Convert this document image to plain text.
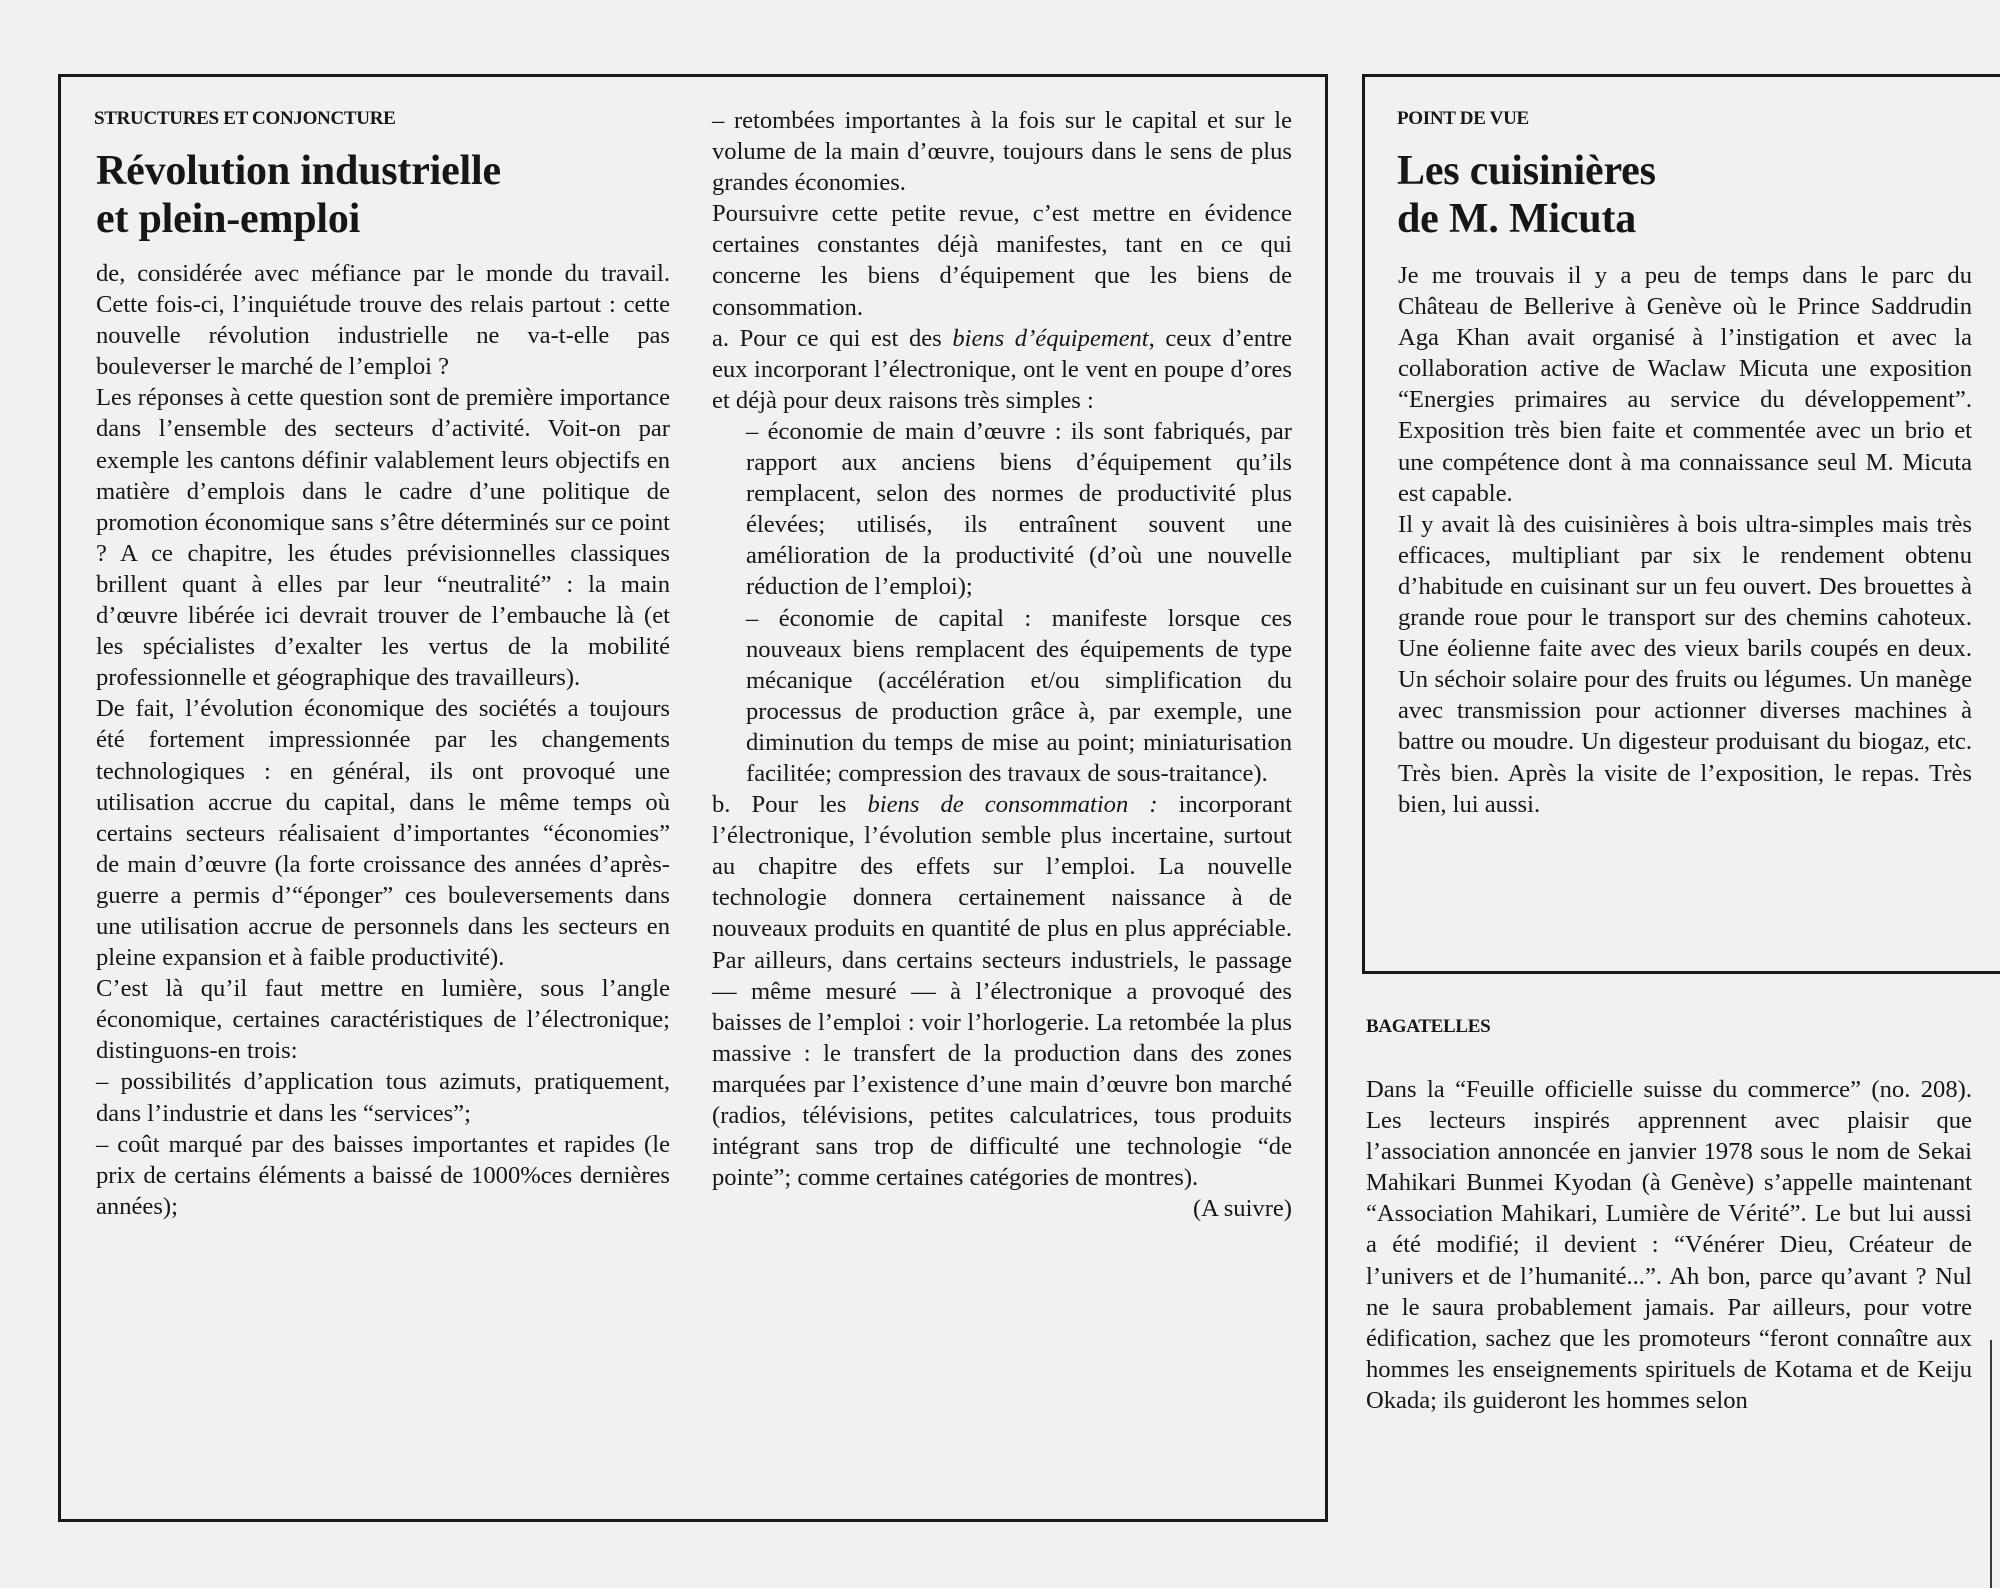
STRUCTURES ET CONJONCTURE
Révolution industrielle
et plein-emploi

de, considérée avec méfiance par le monde du travail. Cette fois-ci, l’inquiétude trouve des relais partout : cette nouvelle révolution industrielle ne va-t-elle pas bouleverser le marché de l’emploi ?

Les réponses à cette question sont de première importance dans l’ensemble des secteurs d’activité. Voit-on par exemple les cantons définir valablement leurs objectifs en matière d’emplois dans le cadre d’une politique de promotion économique sans s’être déterminés sur ce point ? A ce chapitre, les études prévisionnelles classiques brillent quant à elles par leur “neutralité” : la main d’œuvre libérée ici devrait trouver de l’embauche là (et les spécialistes d’exalter les vertus de la mobilité professionnelle et géographique des travailleurs).

De fait, l’évolution économique des sociétés a toujours été fortement impressionnée par les changements technologiques : en général, ils ont provoqué une utilisation accrue du capital, dans le même temps où certains secteurs réalisaient d’importantes “économies” de main d’œuvre (la forte croissance des années d’après-guerre a permis d’“éponger” ces bouleversements dans une utilisation accrue de personnels dans les secteurs en pleine expansion et à faible productivité).

C’est là qu’il faut mettre en lumière, sous l’angle économique, certaines caractéristiques de l’électronique; distinguons-en trois:

– possibilités d’application tous azimuts, pratiquement, dans l’industrie et dans les “services”;

– coût marqué par des baisses importantes et rapides (le prix de certains éléments a baissé de 1000%ces dernières années);

– retombées importantes à la fois sur le capital et sur le volume de la main d’œuvre, toujours dans le sens de plus grandes économies.

Poursuivre cette petite revue, c’est mettre en évidence certaines constantes déjà manifestes, tant en ce qui concerne les biens d’équipement que les biens de consommation.

a. Pour ce qui est des biens d’équipement, ceux d’entre eux incorporant l’électronique, ont le vent en poupe d’ores et déjà pour deux raisons très simples :

– économie de main d’œuvre : ils sont fabriqués, par rapport aux anciens biens d’équipement qu’ils remplacent, selon des normes de productivité plus élevées; utilisés, ils entraînent souvent une amélioration de la productivité (d’où une nouvelle réduction de l’emploi);

– économie de capital : manifeste lorsque ces nouveaux biens remplacent des équipements de type mécanique (accélération et/ou simplification du processus de production grâce à, par exemple, une diminution du temps de mise au point; miniaturisation facilitée; compression des travaux de sous-traitance).

b. Pour les biens de consommation : incorporant l’électronique, l’évolution semble plus incertaine, surtout au chapitre des effets sur l’emploi. La nouvelle technologie donnera certainement naissance à de nouveaux produits en quantité de plus en plus appréciable. Par ailleurs, dans certains secteurs industriels, le passage — même mesuré — à l’électronique a provoqué des baisses de l’emploi : voir l’horlogerie. La retombée la plus massive : le transfert de la production dans des zones marquées par l’existence d’une main d’œuvre bon marché (radios, télévisions, petites calculatrices, tous produits intégrant sans trop de difficulté une technologie “de pointe”; comme certaines catégories de montres).
(A suivre)

POINT DE VUE
Les cuisinières
de M. Micuta

Je me trouvais il y a peu de temps dans le parc du Château de Bellerive à Genève où le Prince Saddrudin Aga Khan avait organisé à l’instigation et avec la collaboration active de Waclaw Micuta une exposition “Energies primaires au service du développement”. Exposition très bien faite et commentée avec un brio et une compétence dont à ma connaissance seul M. Micuta est capable.

Il y avait là des cuisinières à bois ultra-simples mais très efficaces, multipliant par six le rendement obtenu d’habitude en cuisinant sur un feu ouvert. Des brouettes à grande roue pour le transport sur des chemins cahoteux. Une éolienne faite avec des vieux barils coupés en deux. Un séchoir solaire pour des fruits ou légumes. Un manège avec transmission pour actionner diverses machines à battre ou moudre. Un digesteur produisant du biogaz, etc. Très bien. Après la visite de l’exposition, le repas. Très bien, lui aussi.

BAGATELLES

Dans la “Feuille officielle suisse du commerce” (no. 208). Les lecteurs inspirés apprennent avec plaisir que l’association annoncée en janvier 1978 sous le nom de Sekai Mahikari Bunmei Kyodan (à Genève) s’appelle maintenant “Association Mahikari, Lumière de Vérité”. Le but lui aussi a été modifié; il devient : “Vénérer Dieu, Créateur de l’univers et de l’humanité...”. Ah bon, parce qu’avant ? Nul ne le saura probablement jamais. Par ailleurs, pour votre édification, sachez que les promoteurs “feront connaître aux hommes les enseignements spirituels de Kotama et de Keiju Okada; ils guideront les hommes selon
